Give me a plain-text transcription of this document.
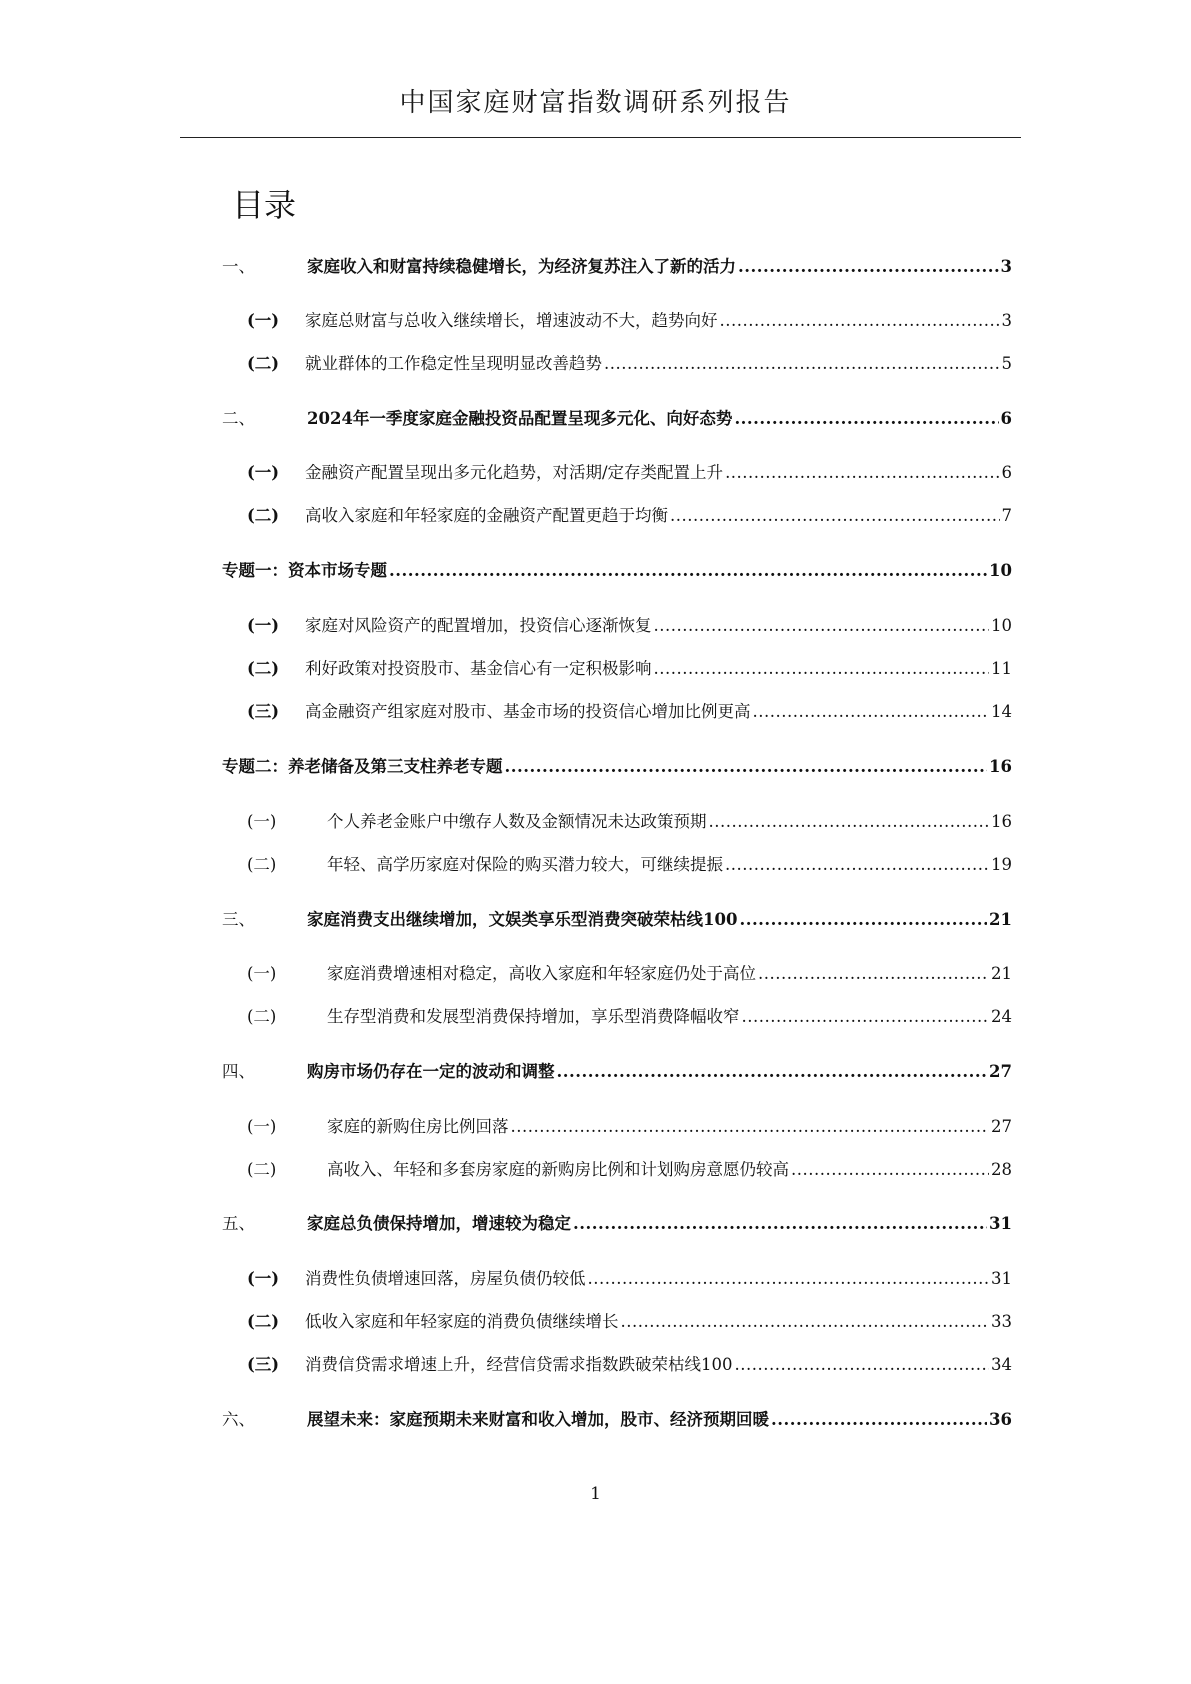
中国家庭财富指数调研系列报告
目录
一、	家庭收入和财富持续稳健增长，为经济复苏注入了新的活力 .....	3
(一)	家庭总财富与总收入继续增长，增速波动不大，趋势向好 .....	3
(二)	就业群体的工作稳定性呈现明显改善趋势 .....	5
二、	2024年一季度家庭金融投资品配置呈现多元化、向好态势 .....	6
(一)	金融资产配置呈现出多元化趋势，对活期/定存类配置上升 .....	6
(二)	高收入家庭和年轻家庭的金融资产配置更趋于均衡 .....	7
专题一：资本市场专题 .....	10
(一)	家庭对风险资产的配置增加，投资信心逐渐恢复 .....	10
(二)	利好政策对投资股市、基金信心有一定积极影响 .....	11
(三)	高金融资产组家庭对股市、基金市场的投资信心增加比例更高 .....	14
专题二：养老储备及第三支柱养老专题 .....	16
(一)	个人养老金账户中缴存人数及金额情况未达政策预期 .....	16
(二)	年轻、高学历家庭对保险的购买潜力较大，可继续提振 .....	19
三、	家庭消费支出继续增加，文娱类享乐型消费突破荣枯线100 .....	21
(一)	家庭消费增速相对稳定，高收入家庭和年轻家庭仍处于高位 .....	21
(二)	生存型消费和发展型消费保持增加，享乐型消费降幅收窄 .....	24
四、	购房市场仍存在一定的波动和调整 .....	27
(一)	家庭的新购住房比例回落 .....	27
(二)	高收入、年轻和多套房家庭的新购房比例和计划购房意愿仍较高 .....	28
五、	家庭总负债保持增加，增速较为稳定 .....	31
(一)	消费性负债增速回落，房屋负债仍较低 .....	31
(二)	低收入家庭和年轻家庭的消费负债继续增长 .....	33
(三)	消费信贷需求增速上升，经营信贷需求指数跌破荣枯线100 .....	34
六、	展望未来：家庭预期未来财富和收入增加，股市、经济预期回暖 .....	36
1
